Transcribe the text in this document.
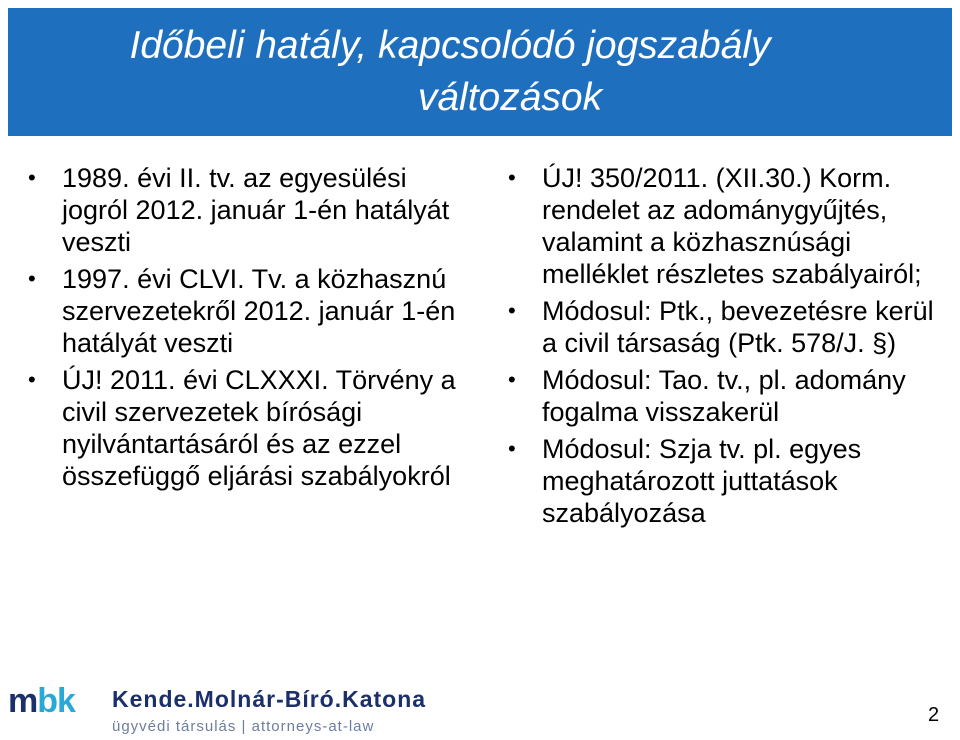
Időbeli hatály, kapcsolódó jogszabály
változások
• 1989. évi II. tv. az egyesülési jogról 2012. január 1-én hatályát veszti
• 1997. évi CLVI. Tv. a közhasznú szervezetekről 2012. január 1-én hatályát veszti
• ÚJ! 2011. évi CLXXXI. Törvény a civil szervezetek bírósági nyilvántartásáról és az ezzel összefüggő eljárási szabályokról
• ÚJ! 350/2011. (XII.30.) Korm. rendelet az adománygyűjtés, valamint a közhasznúsági melléklet részletes szabályairól;
• Módosul: Ptk., bevezetésre kerül a civil társaság (Ptk. 578/J. §)
• Módosul: Tao. tv., pl. adomány fogalma visszakerül
• Módosul: Szja tv. pl. egyes meghatározott juttatások szabályozása
mbk Kende.Molnár-Bíró.Katona
ügyvédi társulás | attorneys-at-law
2
